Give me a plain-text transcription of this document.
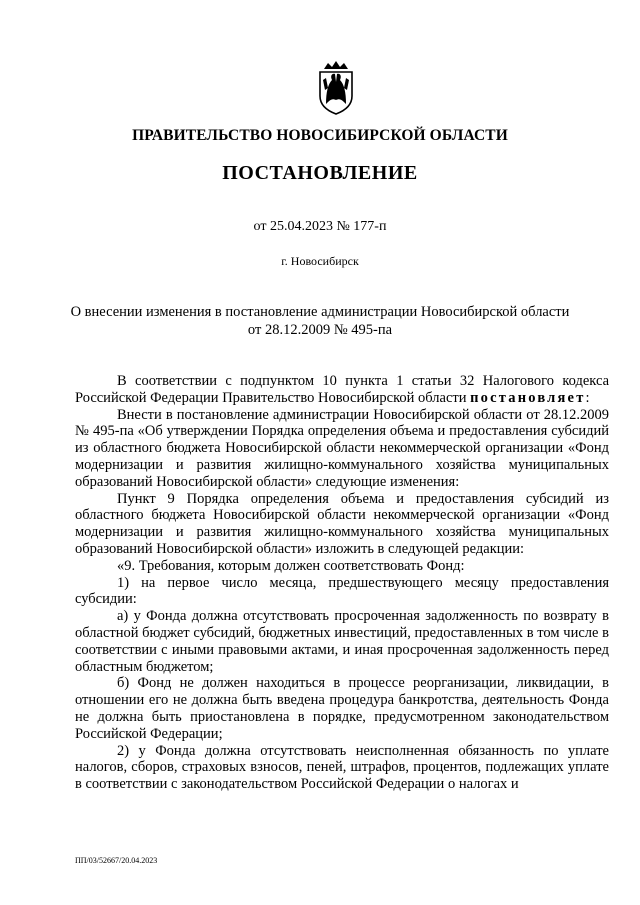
ПРАВИТЕЛЬСТВО НОВОСИБИРСКОЙ ОБЛАСТИ
ПОСТАНОВЛЕНИЕ
от 25.04.2023 № 177-п
г. Новосибирск
О внесении изменения в постановление администрации Новосибирской области
от 28.12.2009 № 495-па

В соответствии с подпунктом 10 пункта 1 статьи 32 Налогового кодекса Российской Федерации Правительство Новосибирской области постановляет:

Внести в постановление администрации Новосибирской области от 28.12.2009 № 495-па «Об утверждении Порядка определения объема и предоставления субсидий из областного бюджета Новосибирской области некоммерческой организации «Фонд модернизации и развития жилищно-коммунального хозяйства муниципальных образований Новосибирской области» следующие изменения:

Пункт 9 Порядка определения объема и предоставления субсидий из областного бюджета Новосибирской области некоммерческой организации «Фонд модернизации и развития жилищно-коммунального хозяйства муниципальных образований Новосибирской области» изложить в следующей редакции:

«9. Требования, которым должен соответствовать Фонд:

1) на первое число месяца, предшествующего месяцу предоставления субсидии:

а) у Фонда должна отсутствовать просроченная задолженность по возврату в областной бюджет субсидий, бюджетных инвестиций, предоставленных в том числе в соответствии с иными правовыми актами, и иная просроченная задолженность перед областным бюджетом;

б) Фонд не должен находиться в процессе реорганизации, ликвидации, в отношении его не должна быть введена процедура банкротства, деятельность Фонда не должна быть приостановлена в порядке, предусмотренном законодательством Российской Федерации;

2) у Фонда должна отсутствовать неисполненная обязанность по уплате налогов, сборов, страховых взносов, пеней, штрафов, процентов, подлежащих уплате в соответствии с законодательством Российской Федерации о налогах и

ПП/03/52667/20.04.2023
